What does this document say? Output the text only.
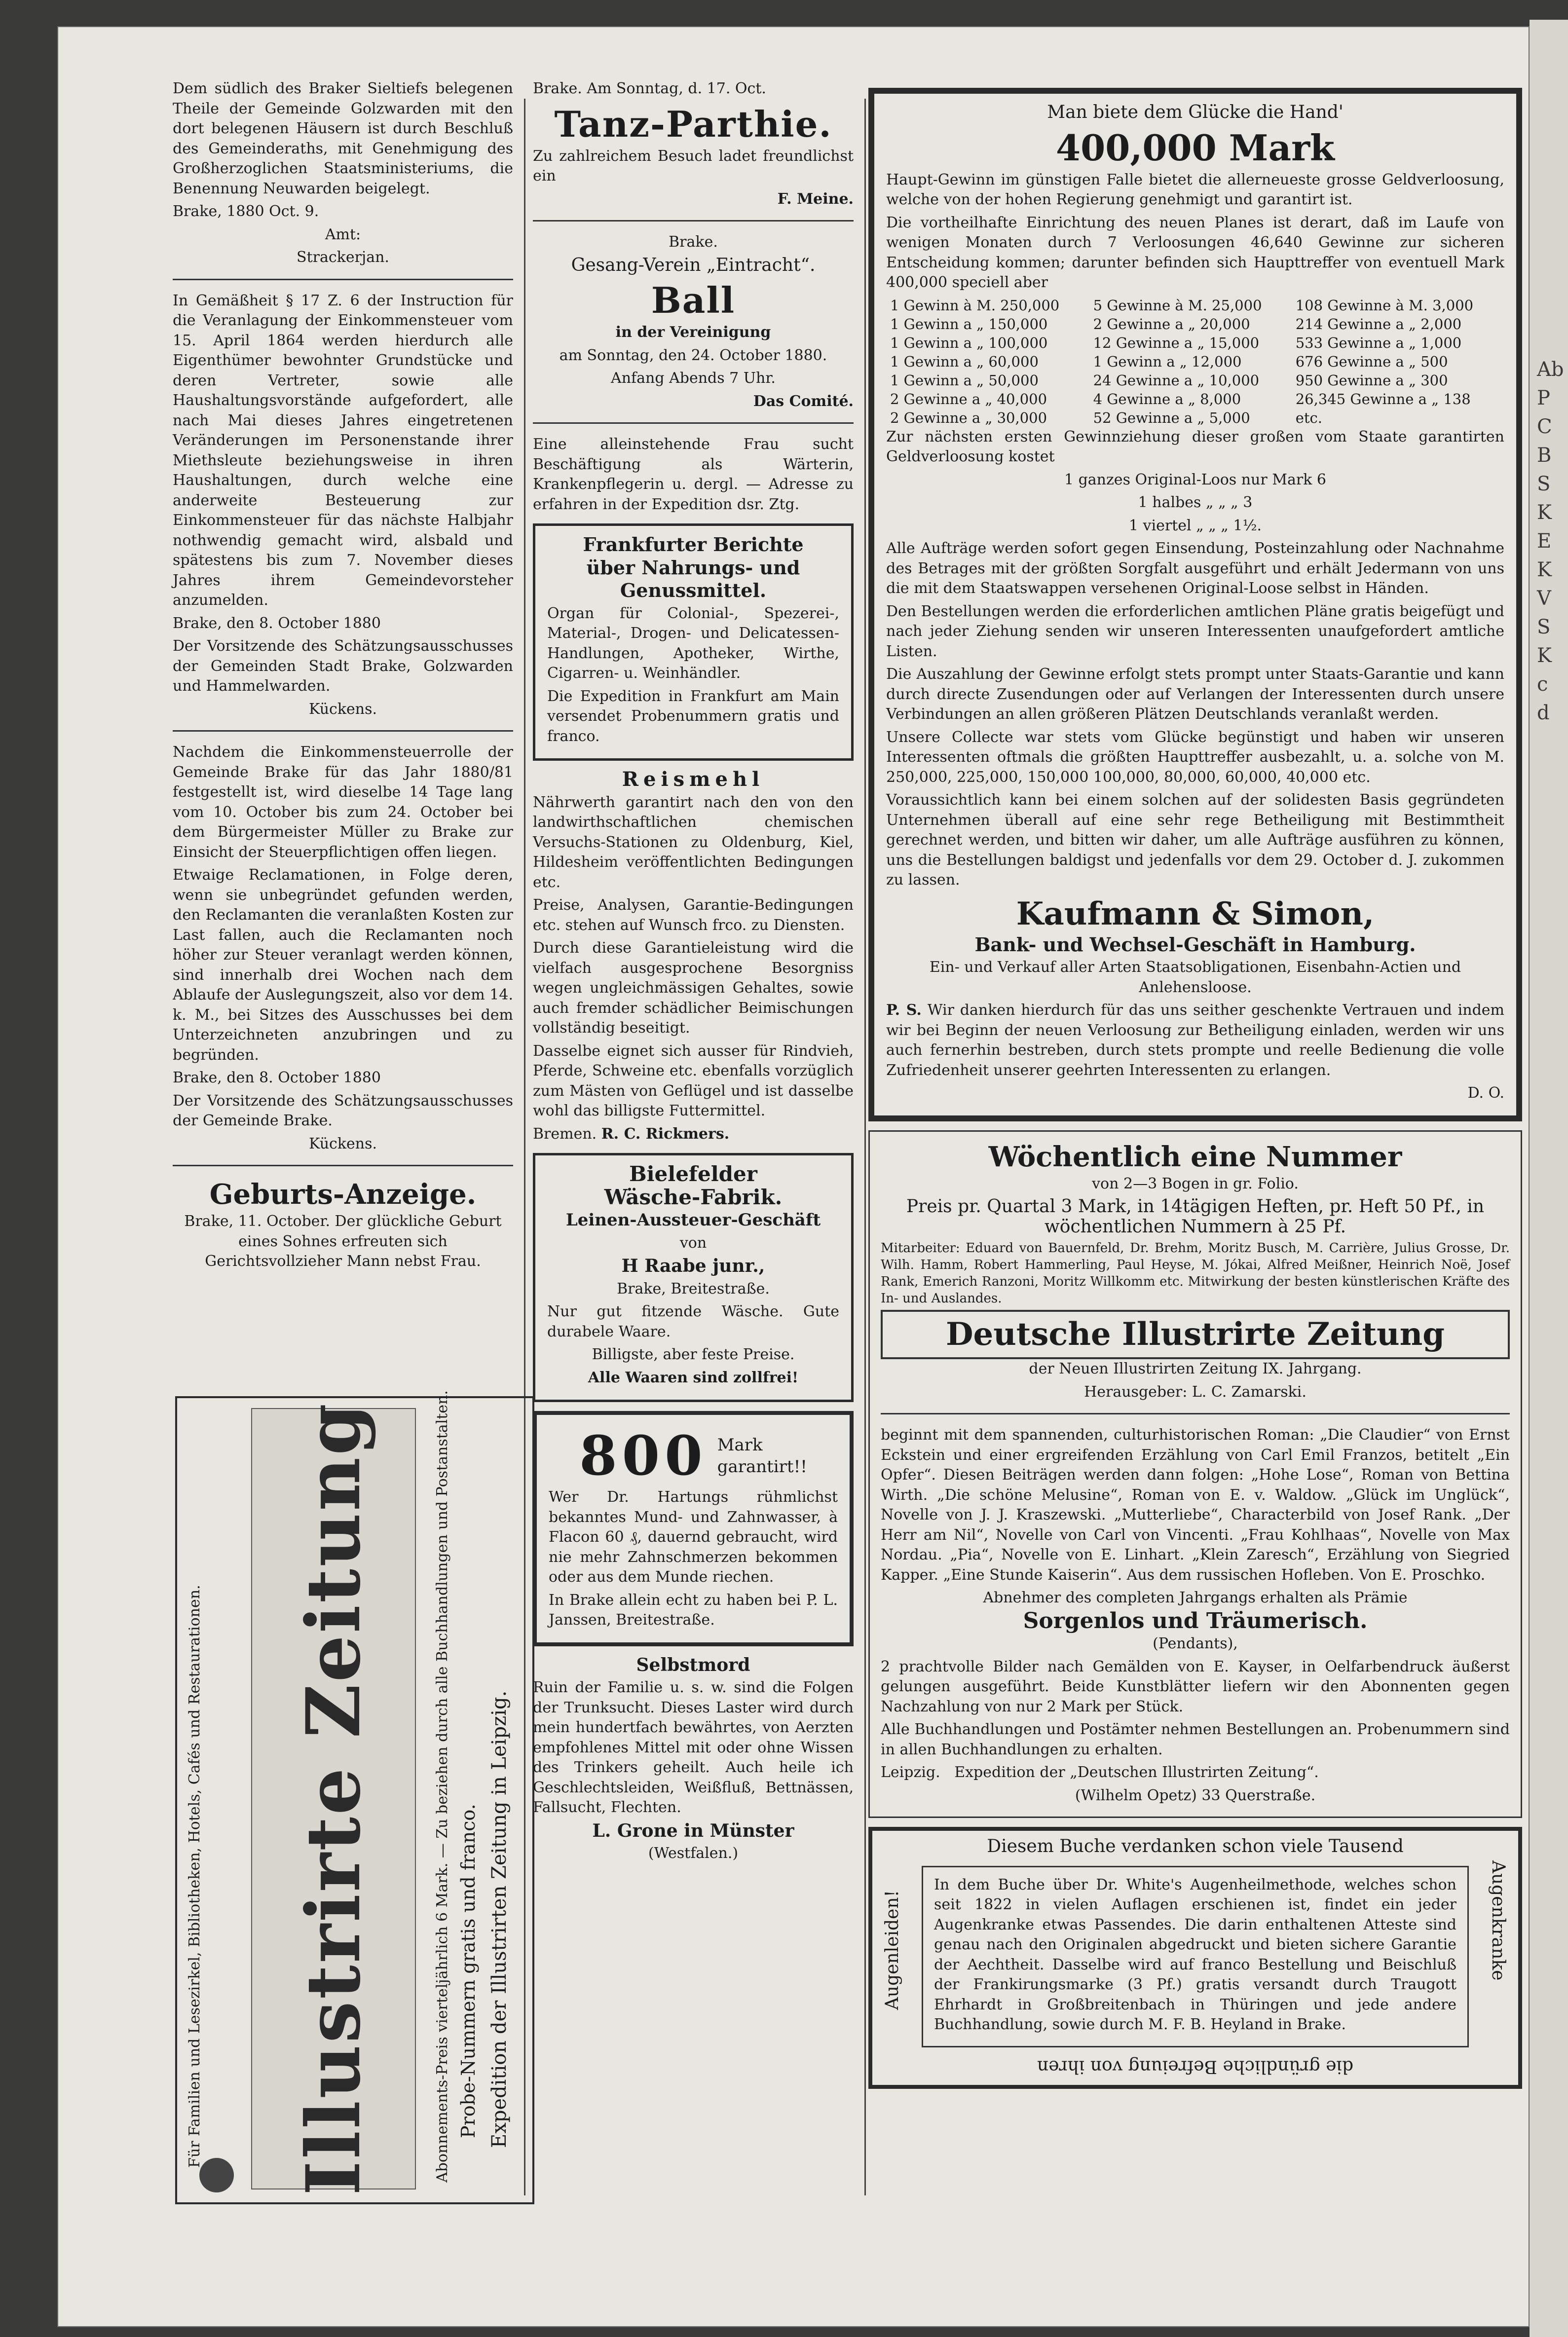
Ab
P
C
B
S
K
E
K
V
S
K
c
d

Dem südlich des Braker Sieltiefs belegenen Theile der Gemeinde Golzwarden mit den dort belegenen Häusern ist durch Beschluß des Gemeinderaths, mit Genehmigung des Großherzoglichen Staatsministeriums, die Benennung Neuwarden beigelegt.

Brake, 1880 Oct. 9.

Amt:

Strackerjan.

In Gemäßheit § 17 Z. 6 der Instruction für die Veranlagung der Einkommensteuer vom 15. April 1864 werden hierdurch alle Eigenthümer bewohnter Grundstücke und deren Vertreter, sowie alle Haushaltungsvorstände aufgefordert, alle nach Mai dieses Jahres eingetretenen Veränderungen im Personenstande ihrer Miethsleute beziehungsweise in ihren Haushaltungen, durch welche eine anderweite Besteuerung zur Einkommensteuer für das nächste Halbjahr nothwendig gemacht wird, alsbald und spätestens bis zum 7. November dieses Jahres ihrem Gemeindevorsteher anzumelden.

Brake, den 8. October 1880

Der Vorsitzende des Schätzungsausschusses der Gemeinden Stadt Brake, Golzwarden und Hammelwarden.

Kückens.

Nachdem die Einkommensteuerrolle der Gemeinde Brake für das Jahr 1880/81 festgestellt ist, wird dieselbe 14 Tage lang vom 10. October bis zum 24. October bei dem Bürgermeister Müller zu Brake zur Einsicht der Steuerpflichtigen offen liegen.

Etwaige Reclamationen, in Folge deren, wenn sie unbegründet gefunden werden, den Reclamanten die veranlaßten Kosten zur Last fallen, auch die Reclamanten noch höher zur Steuer veranlagt werden können, sind innerhalb drei Wochen nach dem Ablaufe der Auslegungszeit, also vor dem 14. k. M., bei Sitzes des Ausschusses bei dem Unterzeichneten anzubringen und zu begründen.

Brake, den 8. October 1880

Der Vorsitzende des Schätzungsausschusses der Gemeinde Brake.

Kückens.

Geburts-Anzeige.

Brake, 11. October. Der glückliche Geburt eines Sohnes erfreuten sich Gerichtsvollzieher Mann nebst Frau.

Für Familien und Lesezirkel, Bibliotheken, Hotels, Cafés und Restaurationen. Illustrirte Zeitung	Abonnements-Preis vierteljährlich 6 Mark. — Zu beziehen durch alle Buchhandlungen und Postanstalten. Probe-Nummern gratis und franco. Expedition der Illustrirten Zeitung in Leipzig.

Brake. Am Sonntag, d. 17. Oct.

Tanz-Parthie.

Zu zahlreichem Besuch ladet freundlichst ein

F. Meine.

Brake.

Gesang-Verein „Eintracht“.

Ball

in der Vereinigung

am Sonntag, den 24. October 1880.

Anfang Abends 7 Uhr.

Das Comité.

Eine alleinstehende Frau sucht Beschäftigung als Wärterin, Krankenpflegerin u. dergl. — Adresse zu erfahren in der Expedition dsr. Ztg.

Frankfurter Berichte

über Nahrungs- und

Genussmittel.

Organ für Colonial-, Spezerei-, Material-, Drogen- und Delicatessen-Handlungen, Apotheker, Wirthe, Cigarren- u. Weinhändler.

Die Expedition in Frankfurt am Main versendet Probenummern gratis und franco.

Reismehl

Nährwerth garantirt nach den von den landwirthschaftlichen chemischen Versuchs-Stationen zu Oldenburg, Kiel, Hildesheim veröffentlichten Bedingungen etc.

Preise, Analysen, Garantie-Bedingungen etc. stehen auf Wunsch frco. zu Diensten.

Durch diese Garantieleistung wird die vielfach ausgesprochene Besorgniss wegen ungleichmässigen Gehaltes, sowie auch fremder schädlicher Beimischungen vollständig beseitigt.

Dasselbe eignet sich ausser für Rindvieh, Pferde, Schweine etc. ebenfalls vorzüglich zum Mästen von Geflügel und ist dasselbe wohl das billigste Futtermittel.

Bremen. R. C. Rickmers.

Bielefelder

Wäsche-Fabrik.

Leinen-Aussteuer-Geschäft

von

H Raabe junr.,

Brake, Breitestraße.

Nur gut fitzende Wäsche. Gute durabele Waare.

Billigste, aber feste Preise.

Alle Waaren sind zollfrei!

800 Mark
garantirt!!

Wer Dr. Hartungs rühmlichst bekanntes Mund- und Zahnwasser, à Flacon 60 ₰, dauernd gebraucht, wird nie mehr Zahnschmerzen bekommen oder aus dem Munde riechen.

In Brake allein echt zu haben bei P. L. Janssen, Breitestraße.

Selbstmord

Ruin der Familie u. s. w. sind die Folgen der Trunksucht. Dieses Laster wird durch mein hundertfach bewährtes, von Aerzten empfohlenes Mittel mit oder ohne Wissen des Trinkers geheilt. Auch heile ich Geschlechtsleiden, Weißfluß, Bettnässen, Fallsucht, Flechten.

L. Grone in Münster

(Westfalen.)

Man biete dem Glücke die Hand'

400,000 Mark

Haupt-Gewinn im günstigen Falle bietet die allerneueste grosse Geldverloosung, welche von der hohen Regierung genehmigt und garantirt ist.

Die vortheilhafte Einrichtung des neuen Planes ist derart, daß im Laufe von wenigen Monaten durch 7 Verloosungen 46,640 Gewinne zur sicheren Entscheidung kommen; darunter befinden sich Haupttreffer von eventuell Mark 400,000 speciell aber

1 Gewinn à M. 250,000	5 Gewinne à M. 25,000	108 Gewinne à M. 3,000
1 Gewinn a „ 150,000	2 Gewinne a „ 20,000	214 Gewinne a „ 2,000
1 Gewinn a „ 100,000	12 Gewinne a „ 15,000	533 Gewinne a „ 1,000
1 Gewinn a „ 60,000	1 Gewinn a „ 12,000	676 Gewinne a „ 500
1 Gewinn a „ 50,000	24 Gewinne a „ 10,000	950 Gewinne a „ 300
2 Gewinne a „ 40,000	4 Gewinne a „ 8,000	26,345 Gewinne a „ 138
2 Gewinne a „ 30,000	52 Gewinne a „ 5,000	etc.

Zur nächsten ersten Gewinnziehung dieser großen vom Staate garantirten Geldverloosung kostet

1 ganzes Original-Loos nur Mark 6

1 halbes „ „ „ 3

1 viertel „ „ „ 1½.

Alle Aufträge werden sofort gegen Einsendung, Posteinzahlung oder Nachnahme des Betrages mit der größten Sorgfalt ausgeführt und erhält Jedermann von uns die mit dem Staatswappen versehenen Original-Loose selbst in Händen.

Den Bestellungen werden die erforderlichen amtlichen Pläne gratis beigefügt und nach jeder Ziehung senden wir unseren Interessenten unaufgefordert amtliche Listen.

Die Auszahlung der Gewinne erfolgt stets prompt unter Staats-Garantie und kann durch directe Zusendungen oder auf Verlangen der Interessenten durch unsere Verbindungen an allen größeren Plätzen Deutschlands veranlaßt werden.

Unsere Collecte war stets vom Glücke begünstigt und haben wir unseren Interessenten oftmals die größten Haupttreffer ausbezahlt, u. a. solche von M. 250,000, 225,000, 150,000 100,000, 80,000, 60,000, 40,000 etc.

Voraussichtlich kann bei einem solchen auf der solidesten Basis gegründeten Unternehmen überall auf eine sehr rege Betheiligung mit Bestimmtheit gerechnet werden, und bitten wir daher, um alle Aufträge ausführen zu können, uns die Bestellungen baldigst und jedenfalls vor dem 29. October d. J. zukommen zu lassen.

Kaufmann & Simon,

Bank- und Wechsel-Geschäft in Hamburg.

Ein- und Verkauf aller Arten Staatsobligationen, Eisenbahn-Actien und Anlehensloose.

P. S. Wir danken hierdurch für das uns seither geschenkte Vertrauen und indem wir bei Beginn der neuen Verloosung zur Betheiligung einladen, werden wir uns auch fernerhin bestreben, durch stets prompte und reelle Bedienung die volle Zufriedenheit unserer geehrten Interessenten zu erlangen.

D. O.

Wöchentlich eine Nummer

von 2—3 Bogen in gr. Folio.

Preis pr. Quartal 3 Mark, in 14tägigen Heften, pr. Heft 50 Pf., in wöchentlichen Nummern à 25 Pf.

Mitarbeiter: Eduard von Bauernfeld, Dr. Brehm, Moritz Busch, M. Carrière, Julius Grosse, Dr. Wilh. Hamm, Robert Hammerling, Paul Heyse, M. Jókai, Alfred Meißner, Heinrich Noë, Josef Rank, Emerich Ranzoni, Moritz Willkomm etc. Mitwirkung der besten künstlerischen Kräfte des In- und Auslandes.

Deutsche Illustrirte Zeitung

der Neuen Illustrirten Zeitung IX. Jahrgang.

Herausgeber: L. C. Zamarski.

beginnt mit dem spannenden, culturhistorischen Roman: „Die Claudier“ von Ernst Eckstein und einer ergreifenden Erzählung von Carl Emil Franzos, betitelt „Ein Opfer“. Diesen Beiträgen werden dann folgen: „Hohe Lose“, Roman von Bettina Wirth. „Die schöne Melusine“, Roman von E. v. Waldow. „Glück im Unglück“, Novelle von J. J. Kraszewski. „Mutterliebe“, Characterbild von Josef Rank. „Der Herr am Nil“, Novelle von Carl von Vincenti. „Frau Kohlhaas“, Novelle von Max Nordau. „Pia“, Novelle von E. Linhart. „Klein Zaresch“, Erzählung von Siegried Kapper. „Eine Stunde Kaiserin“. Aus dem russischen Hofleben. Von E. Proschko.

Abnehmer des completen Jahrgangs erhalten als Prämie

Sorgenlos und Träumerisch.

(Pendants),

2 prachtvolle Bilder nach Gemälden von E. Kayser, in Oelfarbendruck äußerst gelungen ausgeführt. Beide Kunstblätter liefern wir den Abonnenten gegen Nachzahlung von nur 2 Mark per Stück.

Alle Buchhandlungen und Postämter nehmen Bestellungen an. Probenummern sind in allen Buchhandlungen zu erhalten.

Leipzig. Expedition der „Deutschen Illustrirten Zeitung“.

(Wilhelm Opetz) 33 Querstraße.

Diesem Buche verdanken schon viele Tausend

Augenleiden!	Augenkranke

In dem Buche über Dr. White's Augenheilmethode, welches schon seit 1822 in vielen Auflagen erschienen ist, findet ein jeder Augenkranke etwas Passendes. Die darin enthaltenen Atteste sind genau nach den Originalen abgedruckt und bieten sichere Garantie der Aechtheit. Dasselbe wird auf franco Bestellung und Beischluß der Frankirungsmarke (3 Pf.) gratis versandt durch Traugott Ehrhardt in Großbreitenbach in Thüringen und jede andere Buchhandlung, sowie durch M. F. B. Heyland in Brake.

die gründliche Befreiung von ihren
